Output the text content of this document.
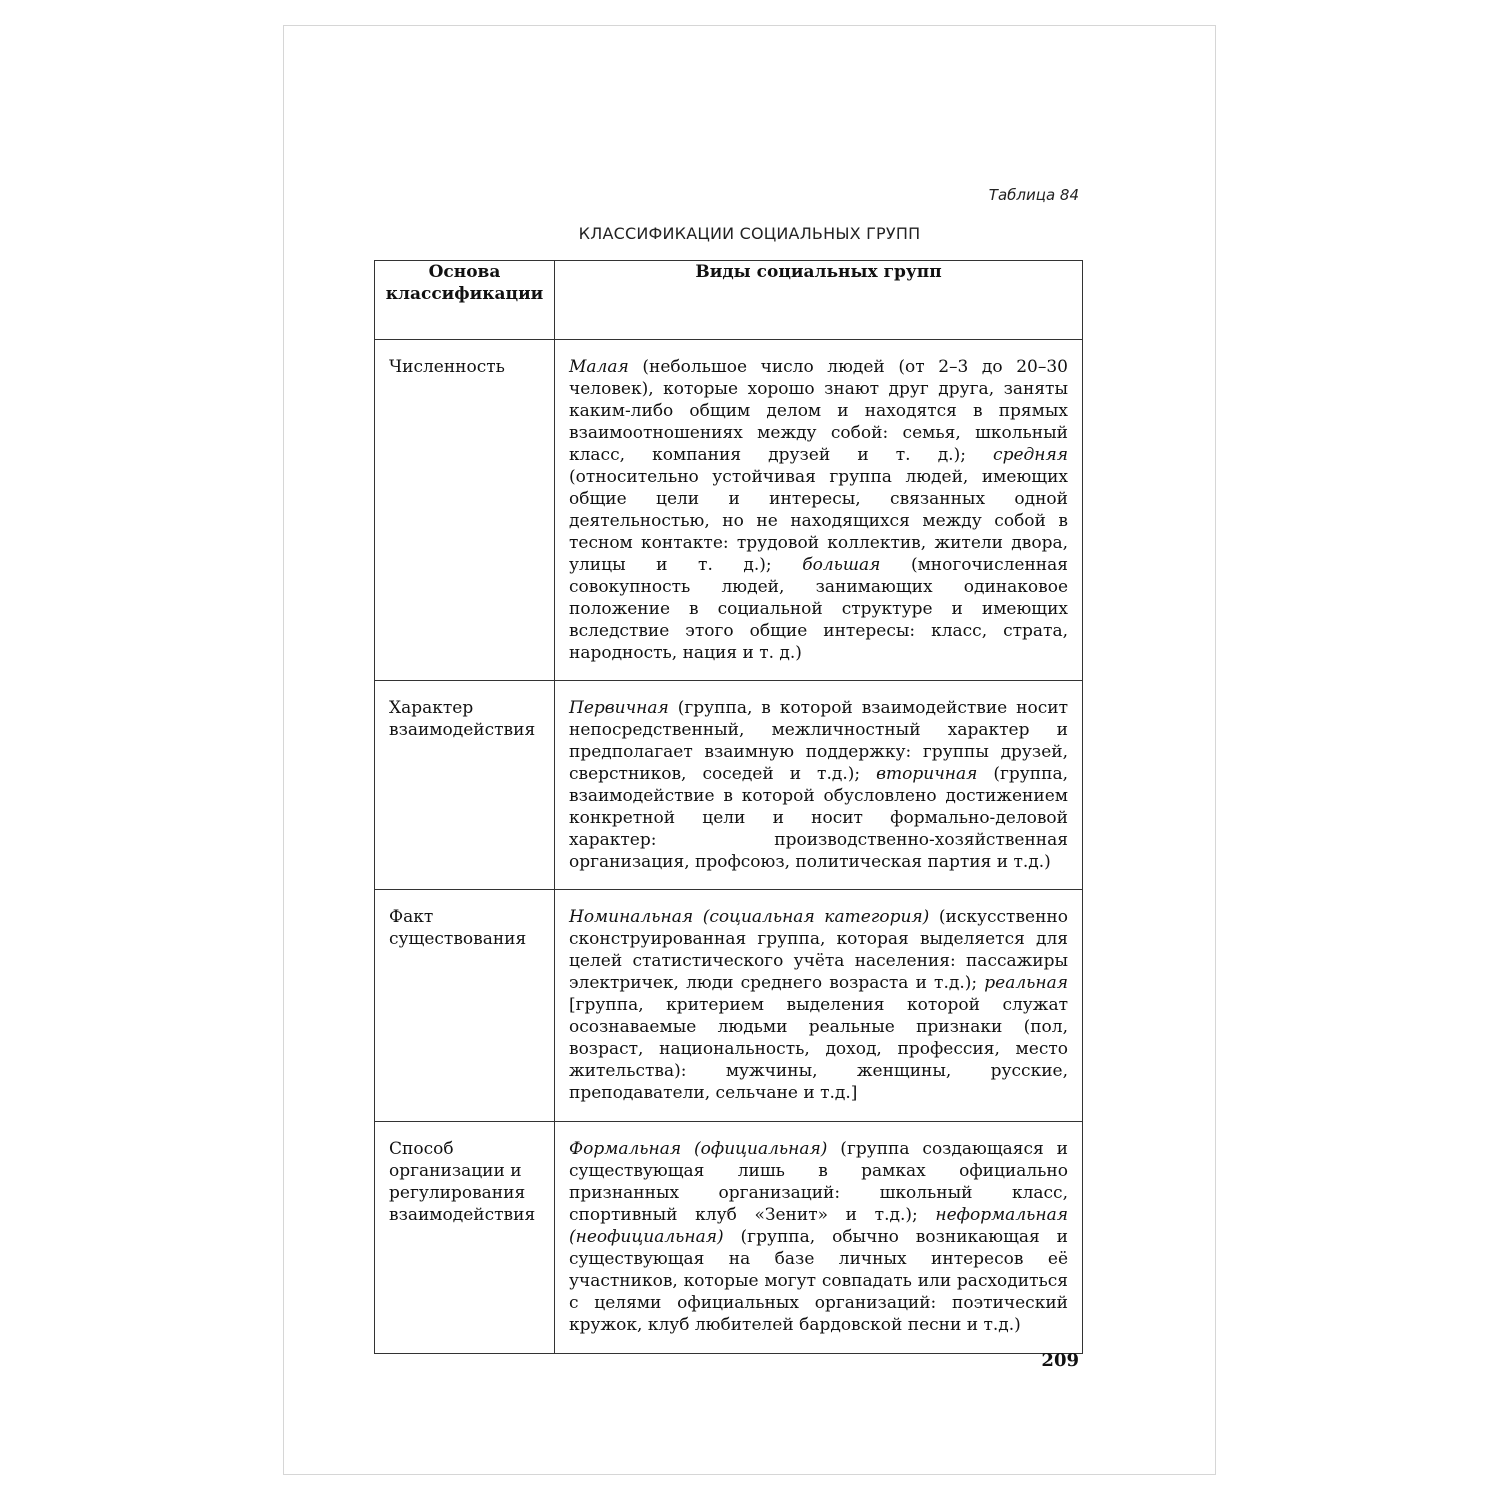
Таблица 84
КЛАССИФИКАЦИИ СОЦИАЛЬНЫХ ГРУПП
Основа классификации	Виды социальных групп
Численность	Малая (небольшое число людей (от 2–3 до 20–30 человек), которые хорошо знают друг друга, заняты каким-либо общим делом и находятся в прямых взаимоотношениях между собой: семья, школьный класс, компания друзей и т. д.); средняя (относительно устойчивая группа людей, имеющих общие цели и интересы, связанных одной деятельностью, но не находящихся между собой в тесном контакте: трудовой коллектив, жители двора, улицы и т. д.); большая (многочисленная совокупность людей, занимающих одинаковое положение в социальной структуре и имеющих вследствие этого общие интересы: класс, страта, народность, нация и т. д.)
Характер взаимодействия	Первичная (группа, в которой взаимодействие носит непосредственный, межличностный характер и предполагает взаимную поддержку: группы друзей, сверстников, соседей и т.д.); вторичная (группа, взаимодействие в которой обусловлено достижением конкретной цели и носит формально-деловой характер: производственно-хозяйственная организация, профсоюз, политическая партия и т.д.)
Факт существования	Номинальная (социальная категория) (искусственно сконструированная группа, которая выделяется для целей статистического учёта населения: пассажиры электричек, люди среднего возраста и т.д.); реальная [группа, критерием выделения которой служат осознаваемые людьми реальные признаки (пол, возраст, национальность, доход, профессия, место жительства): мужчины, женщины, русские, преподаватели, сельчане и т.д.]
Способ организации и регулирования взаимодействия	Формальная (официальная) (группа создающаяся и существующая лишь в рамках официально признанных организаций: школьный класс, спортивный клуб «Зенит» и т.д.); неформальная (неофициальная) (группа, обычно возникающая и существующая на базе личных интересов её участников, которые могут совпадать или расходиться с целями официальных организаций: поэтический кружок, клуб любителей бардовской песни и т.д.)
209
